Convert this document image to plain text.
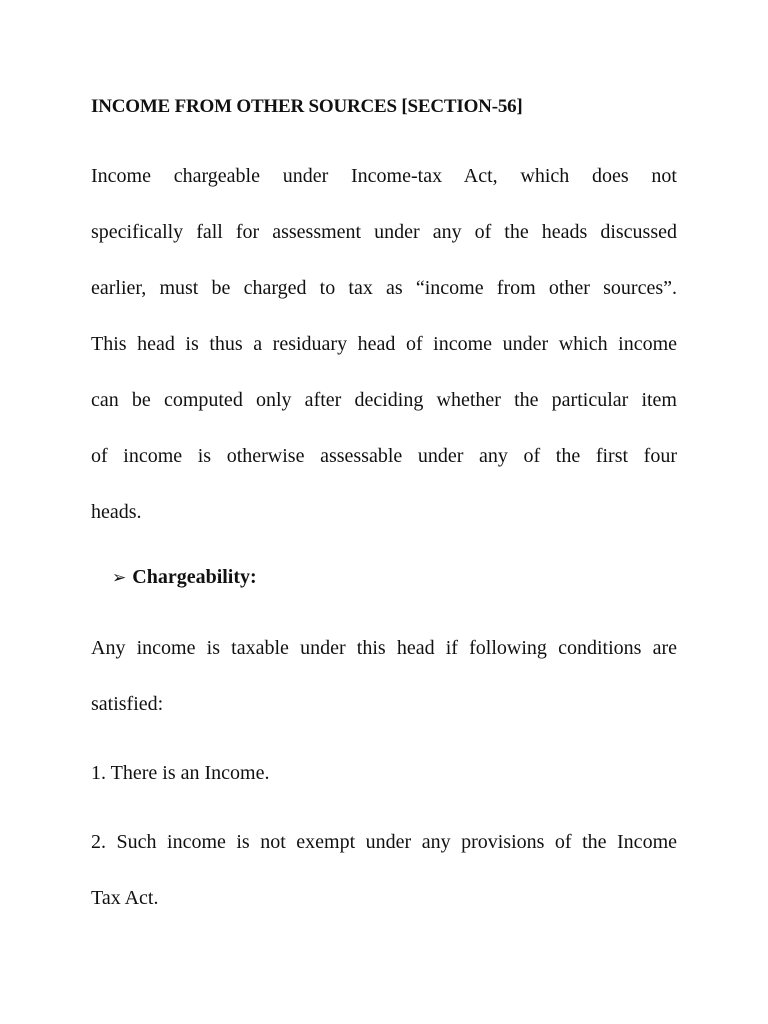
INCOME FROM OTHER SOURCES [SECTION-56]
Income chargeable under Income-tax Act, which does not
specifically fall for assessment under any of the heads discussed
earlier, must be charged to tax as “income from other sources”.
This head is thus a residuary head of income under which income
can be computed only after deciding whether the particular item
of income is otherwise assessable under any of the first four
heads.
➢ Chargeability:
Any income is taxable under this head if following conditions are
satisfied:
1. There is an Income.
2. Such income is not exempt under any provisions of the Income
Tax Act.
